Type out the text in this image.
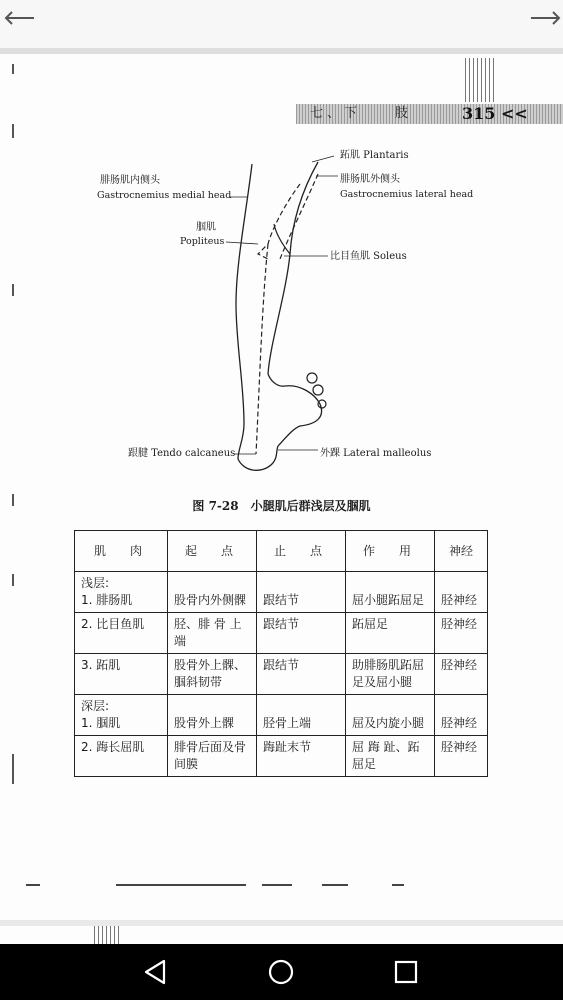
七、下　　肢	315 <<
跖肌 Plantaris
腓肠肌内侧头
Gastrocnemius medial head
腓肠肌外侧头
Gastrocnemius lateral head
腘肌
Popliteus
比目鱼肌 Soleus
跟腱 Tendo calcaneus	外踝 Lateral malleolus
图 7-28　小腿肌后群浅层及腘肌
肌　肉	起　点	止　点	作　用	神经

浅层:
1. 腓肠肌	股骨内外侧髁	跟结节	屈小腿跖屈足	胫神经
2. 比目鱼肌	胫、腓 骨 上端	跟结节	跖屈足	胫神经
3. 跖肌	股骨外上髁、腘斜韧带	跟结节	助腓肠肌跖屈足及屈小腿	胫神经

深层:
1. 腘肌	股骨外上髁	胫骨上端	屈及内旋小腿	胫神经
2. 踇长屈肌	腓骨后面及骨间膜	踇趾末节	屈 踇 趾、跖屈足	胫神经
